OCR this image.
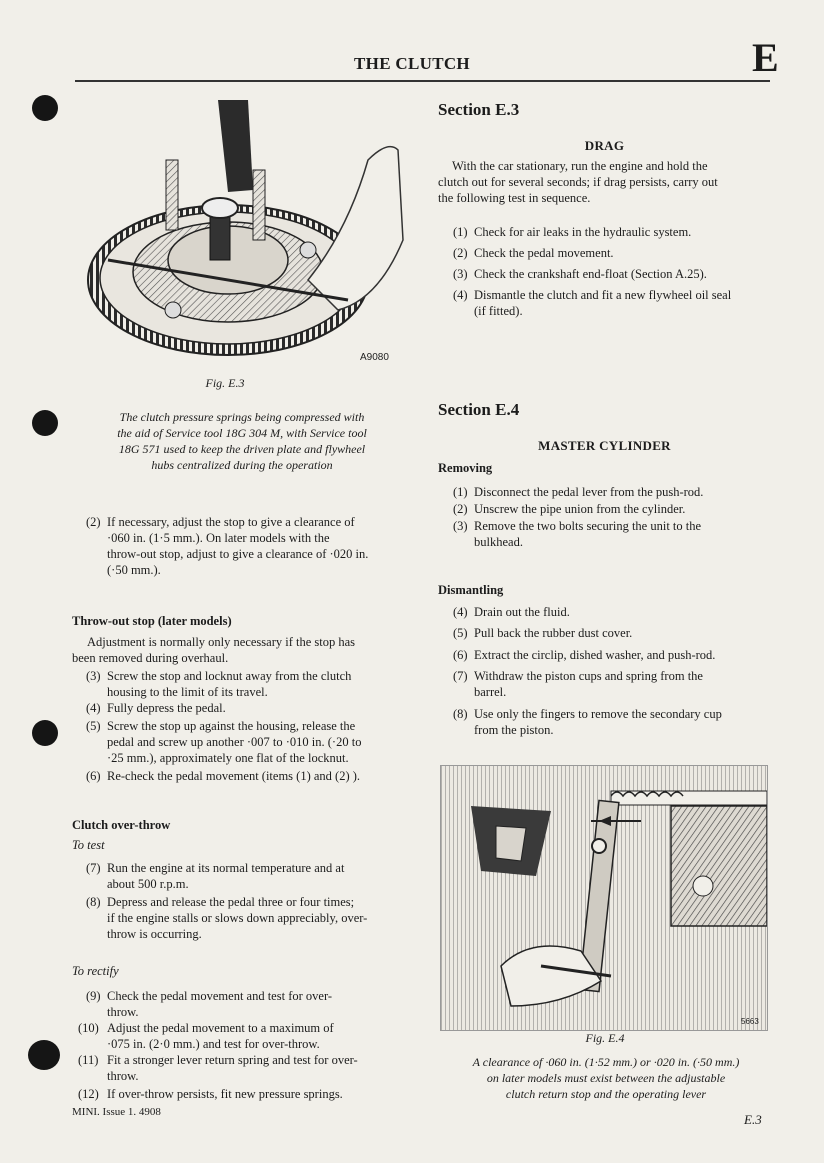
THE CLUTCH	E
A9080
Fig. E.3
The clutch pressure springs being compressed with
the aid of Service tool 18G 304 M, with Service tool
18G 571 used to keep the driven plate and flywheel
hubs centralized during the operation
(2) If necessary, adjust the stop to give a clearance of
·060 in. (1·5 mm.). On later models with the
throw-out stop, adjust to give a clearance of ·020 in.
(·50 mm.).
Throw-out stop (later models)
Adjustment is normally only necessary if the stop has
been removed during overhaul.
(3) Screw the stop and locknut away from the clutch
housing to the limit of its travel.
(4) Fully depress the pedal.
(5) Screw the stop up against the housing, release the
pedal and screw up another ·007 to ·010 in. (·20 to
·25 mm.), approximately one flat of the locknut.
(6) Re-check the pedal movement (items (1) and (2) ).
Clutch over-throw
To test
(7) Run the engine at its normal temperature and at
about 500 r.p.m.
(8) Depress and release the pedal three or four times;
if the engine stalls or slows down appreciably, over-
throw is occurring.
To rectify
(9) Check the pedal movement and test for over-
throw.
(10) Adjust the pedal movement to a maximum of
·075 in. (2·0 mm.) and test for over-throw.
(11) Fit a stronger lever return spring and test for over-
throw.
(12) If over-throw persists, fit new pressure springs.
MINI. Issue 1. 4908
Section E.3
DRAG
With the car stationary, run the engine and hold the
clutch out for several seconds; if drag persists, carry out
the following test in sequence.
(1) Check for air leaks in the hydraulic system.
(2) Check the pedal movement.
(3) Check the crankshaft end-float (Section A.25).
(4) Dismantle the clutch and fit a new flywheel oil seal
(if fitted).
Section E.4
MASTER CYLINDER
Removing
(1) Disconnect the pedal lever from the push-rod.
(2) Unscrew the pipe union from the cylinder.
(3) Remove the two bolts securing the unit to the
bulkhead.
Dismantling
(4) Drain out the fluid.
(5) Pull back the rubber dust cover.
(6) Extract the circlip, dished washer, and push-rod.
(7) Withdraw the piston cups and spring from the
barrel.
(8) Use only the fingers to remove the secondary cup
from the piston.
5663
Fig. E.4
A clearance of ·060 in. (1·52 mm.) or ·020 in. (·50 mm.)
on later models must exist between the adjustable
clutch return stop and the operating lever
E.3
